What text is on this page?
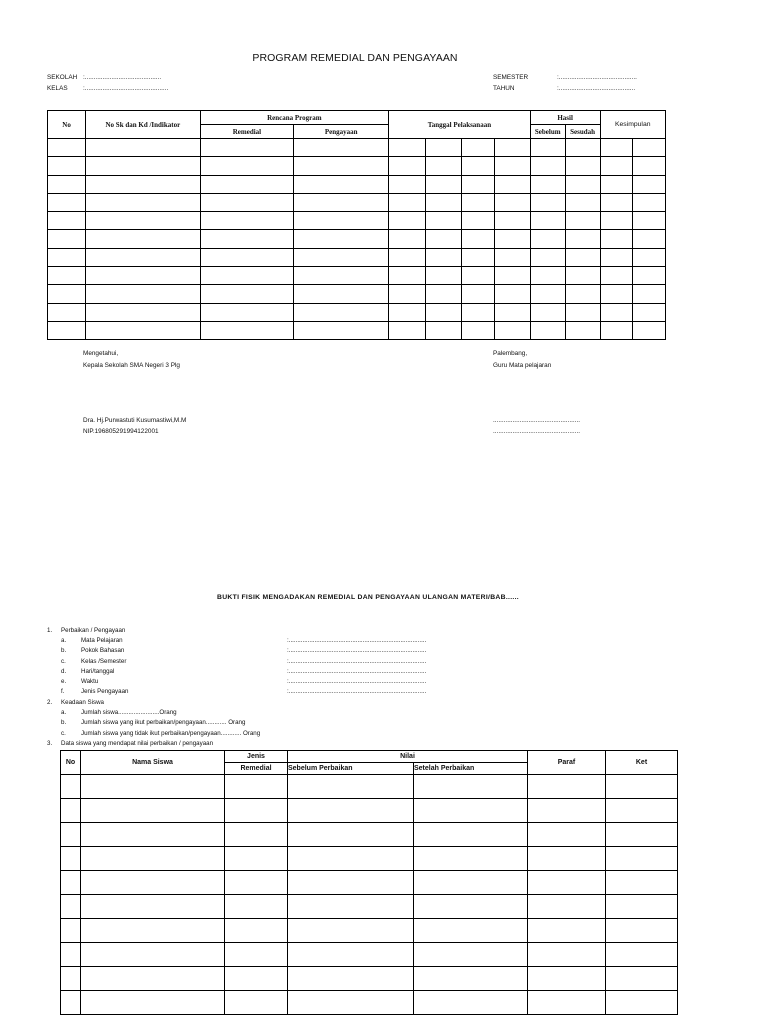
PROGRAM REMEDIAL DAN PENGAYAAN
SEKOLAH :...........................................
KELAS :...............................................
SEMESTER	:............................................
TAHUN	:...........................................
No	No Sk dan Kd /Indikator	Rencana Program		Tanggal Pelaksanaan				Hasil		Kesimpulan	
		Remedial	Pengayaan					Sebelum	Sesudah		

Mengetahui,
Kepala Sekolah SMA Negeri 3 Plg
Dra. Hj.Purwastuti Kusumastiwi,M.M
NIP.196805291994122001
Palembang,
Guru Mata pelajaran
.................................................
.................................................
BUKTI FISIK MENGADAKAN REMEDIAL DAN PENGAYAAN ULANGAN MATERI/BAB......
1. Perbaikan / Pengayaan
a. Mata Pelajaran	:................................................................................
b. Pokok Bahasan	:................................................................................
c. Kelas /Semester	:................................................................................
d. Hari/tanggal	:................................................................................
e. Waktu	:................................................................................
f.	Jenis Pengayaan	:................................................................................
2. Keadaan Siswa
a. Jumlah siswa........................Orang
b. Jumlah siswa yang ikut perbaikan/pengayaan............ Orang
c. Jumlah siswa yang tidak ikut perbaikan/pengayaan............ Orang
3. Data siswa yang mendapat nilai perbaikan / pengayaan
No	Nama Siswa	Jenis	Nilai		Paraf	Ket
		Remedial	Sebelum Perbaikan	Setelah Perbaikan		
